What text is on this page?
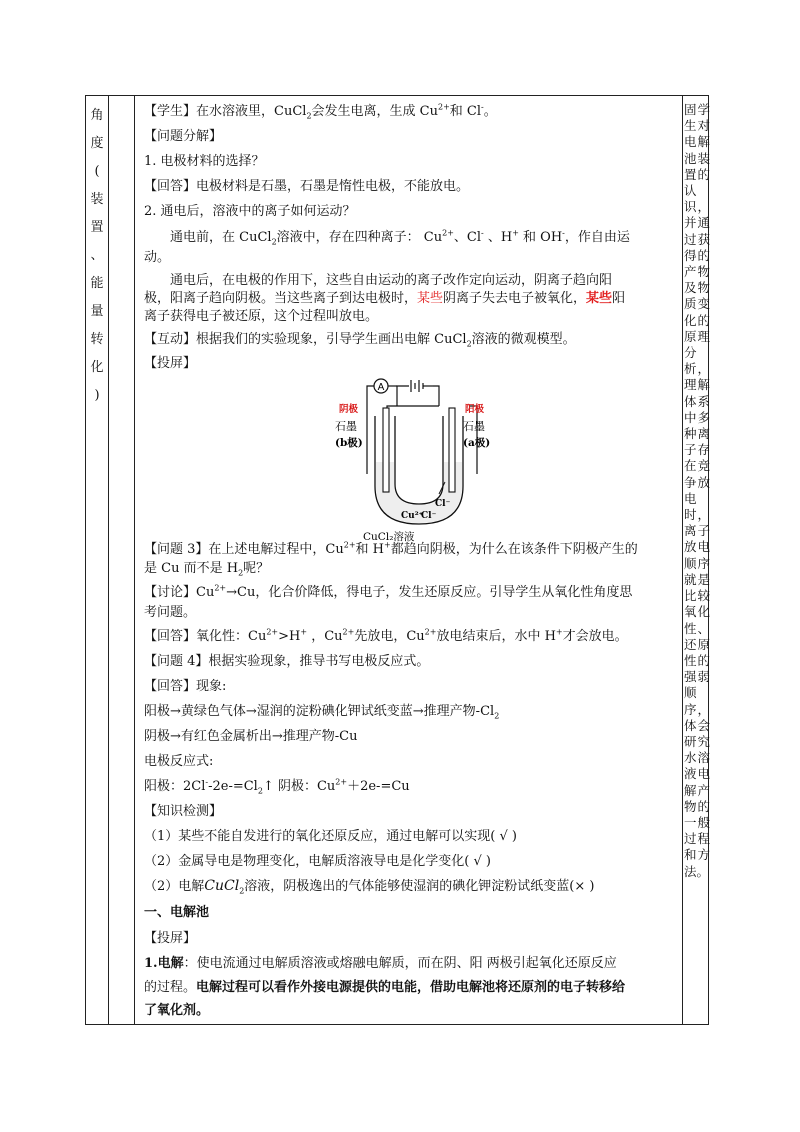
角
度
(
装
置
、
能
量
转
化
)
固学生对电解池装置的认识，并通过获得的产物及物质变化的原理分析，理解体系中多种离子存在竞争放电时，离子放电顺序就是比较氧化性、还原性的强弱顺序，体会研究水溶液电解产物的一般过程和方法。
【学生】在水溶液里，CuCl$_2$会发生电离，生成 $Cu^{2+}$和 Cl-。
【问题分解】
1. 电极材料的选择？
【回答】电极材料是石墨，石墨是惰性电极，不能放电。
2. 通电后，溶液中的离子如何运动？
通电前，在 CuCl$_2$溶液中，存在四种离子： $Cu^{2+}$、Cl- 、H+ 和 OH-，作自由运
动。
通电后，在电极的作用下，这些自由运动的离子改作定向运动，阴离子趋向阳
极，阳离子趋向阴极。当这些离子到达电极时，某些阴离子失去电子被氧化，某些阳
离子获得电子被还原，这个过程叫放电。
【互动】根据我们的实验现象，引导学生画出电解 CuCl$_2$溶液的微观模型。
【投屏】
A
阴极	阳极
石墨
(b极)
石墨
(a极)
Cu²⁺
Cl⁻
Cl⁻
CuCl₂溶液
【问题 3】在上述电解过程中，$Cu^{2+}$和 H+都趋向阴极，为什么在该条件下阴极产生的
是 Cu 而不是 $H_2$呢？
【讨论】$Cu^{2+}\to Cu$，化合价降低，得电子，发生还原反应。引导学生从氧化性角度思
考问题。
【回答】氧化性：$Cu^{2+}>H^+$ ，$Cu^{2+}$先放电，$Cu^{2+}$放电结束后，水中 H+才会放电。
【问题 4】根据实验现象，推导书写电极反应式。
【回答】现象:
阳极→黄绿色气体→湿润的淀粉碘化钾试纸变蓝→推理产物$-Cl_2$
阴极→有红色金属析出→推理产物-Cu
电极反应式:
阳极：$2Cl^--2e-=Cl_2↑$ 阴极：$Cu^{2+}+2e-=Cu$
【知识检测】
（1）某些不能自发进行的氧化还原反应，通过电解可以实现( √ )
（2）金属导电是物理变化，电解质溶液导电是化学变化( √ )
（2）电解CuCl$_2$溶液，阴极逸出的气体能够使湿润的碘化钾淀粉试纸变蓝(× )
一、电解池
【投屏】
1.电解：使电流通过电解质溶液或熔融电解质，而在阴、阳 两极引起氧化还原反应
的过程。电解过程可以看作外接电源提供的电能，借助电解池将还原剂的电子转移给
了氧化剂。
